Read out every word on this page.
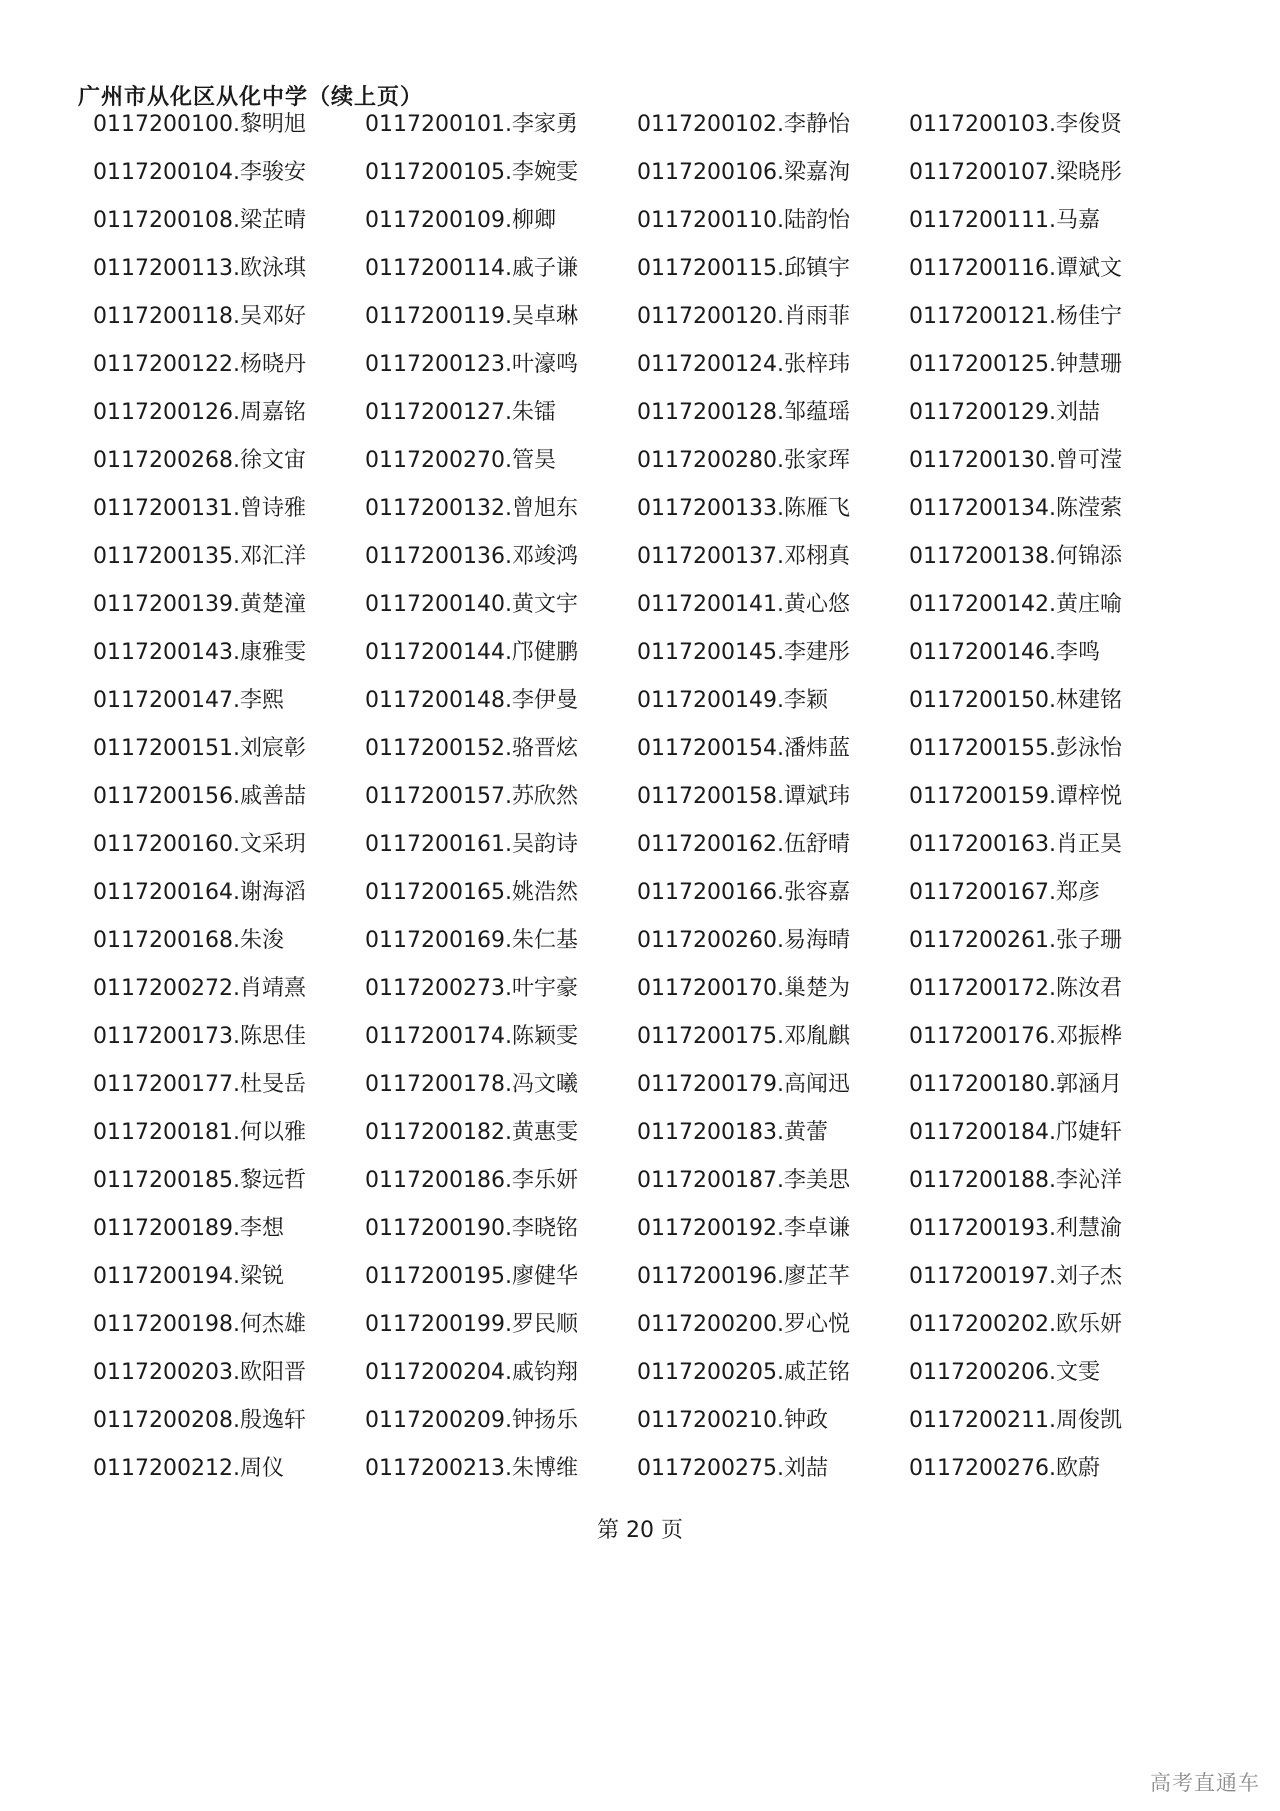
广州市从化区从化中学（续上页）
0117200100.黎明旭	0117200101.李家勇	0117200102.李静怡	0117200103.李俊贤
0117200104.李骏安	0117200105.李婉雯	0117200106.梁嘉洵	0117200107.梁晓彤
0117200108.梁芷晴	0117200109.柳卿	0117200110.陆韵怡	0117200111.马嘉
0117200113.欧泳琪	0117200114.戚子谦	0117200115.邱镇宇	0117200116.谭斌文
0117200118.吴邓好	0117200119.吴卓琳	0117200120.肖雨菲	0117200121.杨佳宁
0117200122.杨晓丹	0117200123.叶濠鸣	0117200124.张梓玮	0117200125.钟慧珊
0117200126.周嘉铭	0117200127.朱镭	0117200128.邹蕴瑶	0117200129.刘喆
0117200268.徐文宙	0117200270.管昊	0117200280.张家珲	0117200130.曾可滢
0117200131.曾诗雅	0117200132.曾旭东	0117200133.陈雁飞	0117200134.陈滢萦
0117200135.邓汇洋	0117200136.邓竣鸿	0117200137.邓栩真	0117200138.何锦添
0117200139.黄楚潼	0117200140.黄文宇	0117200141.黄心悠	0117200142.黄庄喻
0117200143.康雅雯	0117200144.邝健鹏	0117200145.李建彤	0117200146.李鸣
0117200147.李熙	0117200148.李伊曼	0117200149.李颖	0117200150.林建铭
0117200151.刘宸彰	0117200152.骆晋炫	0117200154.潘炜蓝	0117200155.彭泳怡
0117200156.戚善喆	0117200157.苏欣然	0117200158.谭斌玮	0117200159.谭梓悦
0117200160.文采玥	0117200161.吴韵诗	0117200162.伍舒晴	0117200163.肖正昊
0117200164.谢海滔	0117200165.姚浩然	0117200166.张容嘉	0117200167.郑彦
0117200168.朱浚	0117200169.朱仁基	0117200260.易海晴	0117200261.张子珊
0117200272.肖靖熹	0117200273.叶宇豪	0117200170.巢楚为	0117200172.陈汝君
0117200173.陈思佳	0117200174.陈颖雯	0117200175.邓胤麒	0117200176.邓振桦
0117200177.杜旻岳	0117200178.冯文曦	0117200179.高闻迅	0117200180.郭涵月
0117200181.何以雅	0117200182.黄惠雯	0117200183.黄蕾	0117200184.邝婕轩
0117200185.黎远哲	0117200186.李乐妍	0117200187.李美思	0117200188.李沁洋
0117200189.李想	0117200190.李晓铭	0117200192.李卓谦	0117200193.利慧渝
0117200194.梁锐	0117200195.廖健华	0117200196.廖芷芊	0117200197.刘子杰
0117200198.何杰雄	0117200199.罗民顺	0117200200.罗心悦	0117200202.欧乐妍
0117200203.欧阳晋	0117200204.戚钧翔	0117200205.戚芷铭	0117200206.文雯
0117200208.殷逸轩	0117200209.钟扬乐	0117200210.钟政	0117200211.周俊凯
0117200212.周仪	0117200213.朱博维	0117200275.刘喆	0117200276.欧蔚
第 20 页
高考直通车
